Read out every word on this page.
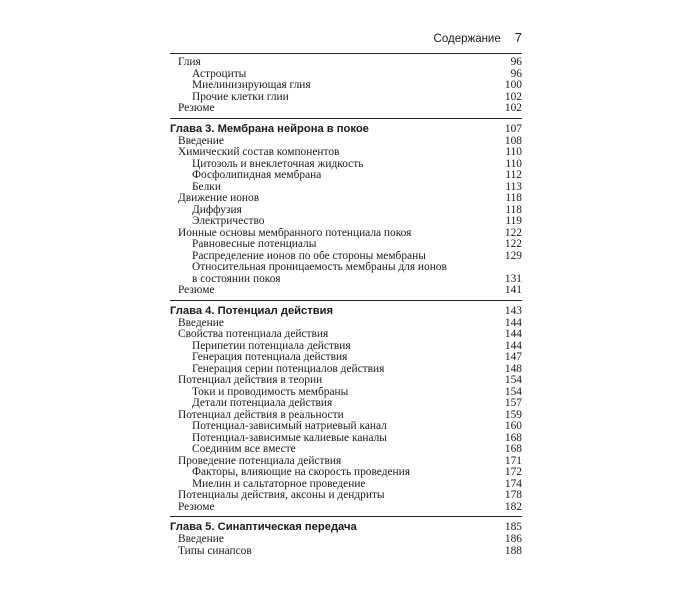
Содержание 7
Глия	96
Астроциты	96
Миелинизирующая глия	100
Прочие клетки глии	102
Резюме	102
Глава 3. Мембрана нейрона в покое	107
Введение	108
Химический состав компонентов	110
Цитозоль и внеклеточная жидкость	110
Фосфолипидная мембрана	112
Белки	113
Движение ионов	118
Диффузия	118
Электричество	119
Ионные основы мембранного потенциала покоя	122
Равновесные потенциалы	122
Распределение ионов по обе стороны мембраны	129
Относительная проницаемость мембраны для ионов
в состоянии покоя	131
Резюме	141
Глава 4. Потенциал действия	143
Введение	144
Свойства потенциала действия	144
Перипетии потенциала действия	144
Генерация потенциала действия	147
Генерация серии потенциалов действия	148
Потенциал действия в теории	154
Токи и проводимость мембраны	154
Детали потенциала действия	157
Потенциал действия в реальности	159
Потенциал-зависимый натриевый канал	160
Потенциал-зависимые калиевые каналы	168
Соединим все вместе	168
Проведение потенциала действия	171
Факторы, влияющие на скорость проведения	172
Миелин и сальтаторное проведение	174
Потенциалы действия, аксоны и дендриты	178
Резюме	182
Глава 5. Синаптическая передача	185
Введение	186
Типы синапсов	188
